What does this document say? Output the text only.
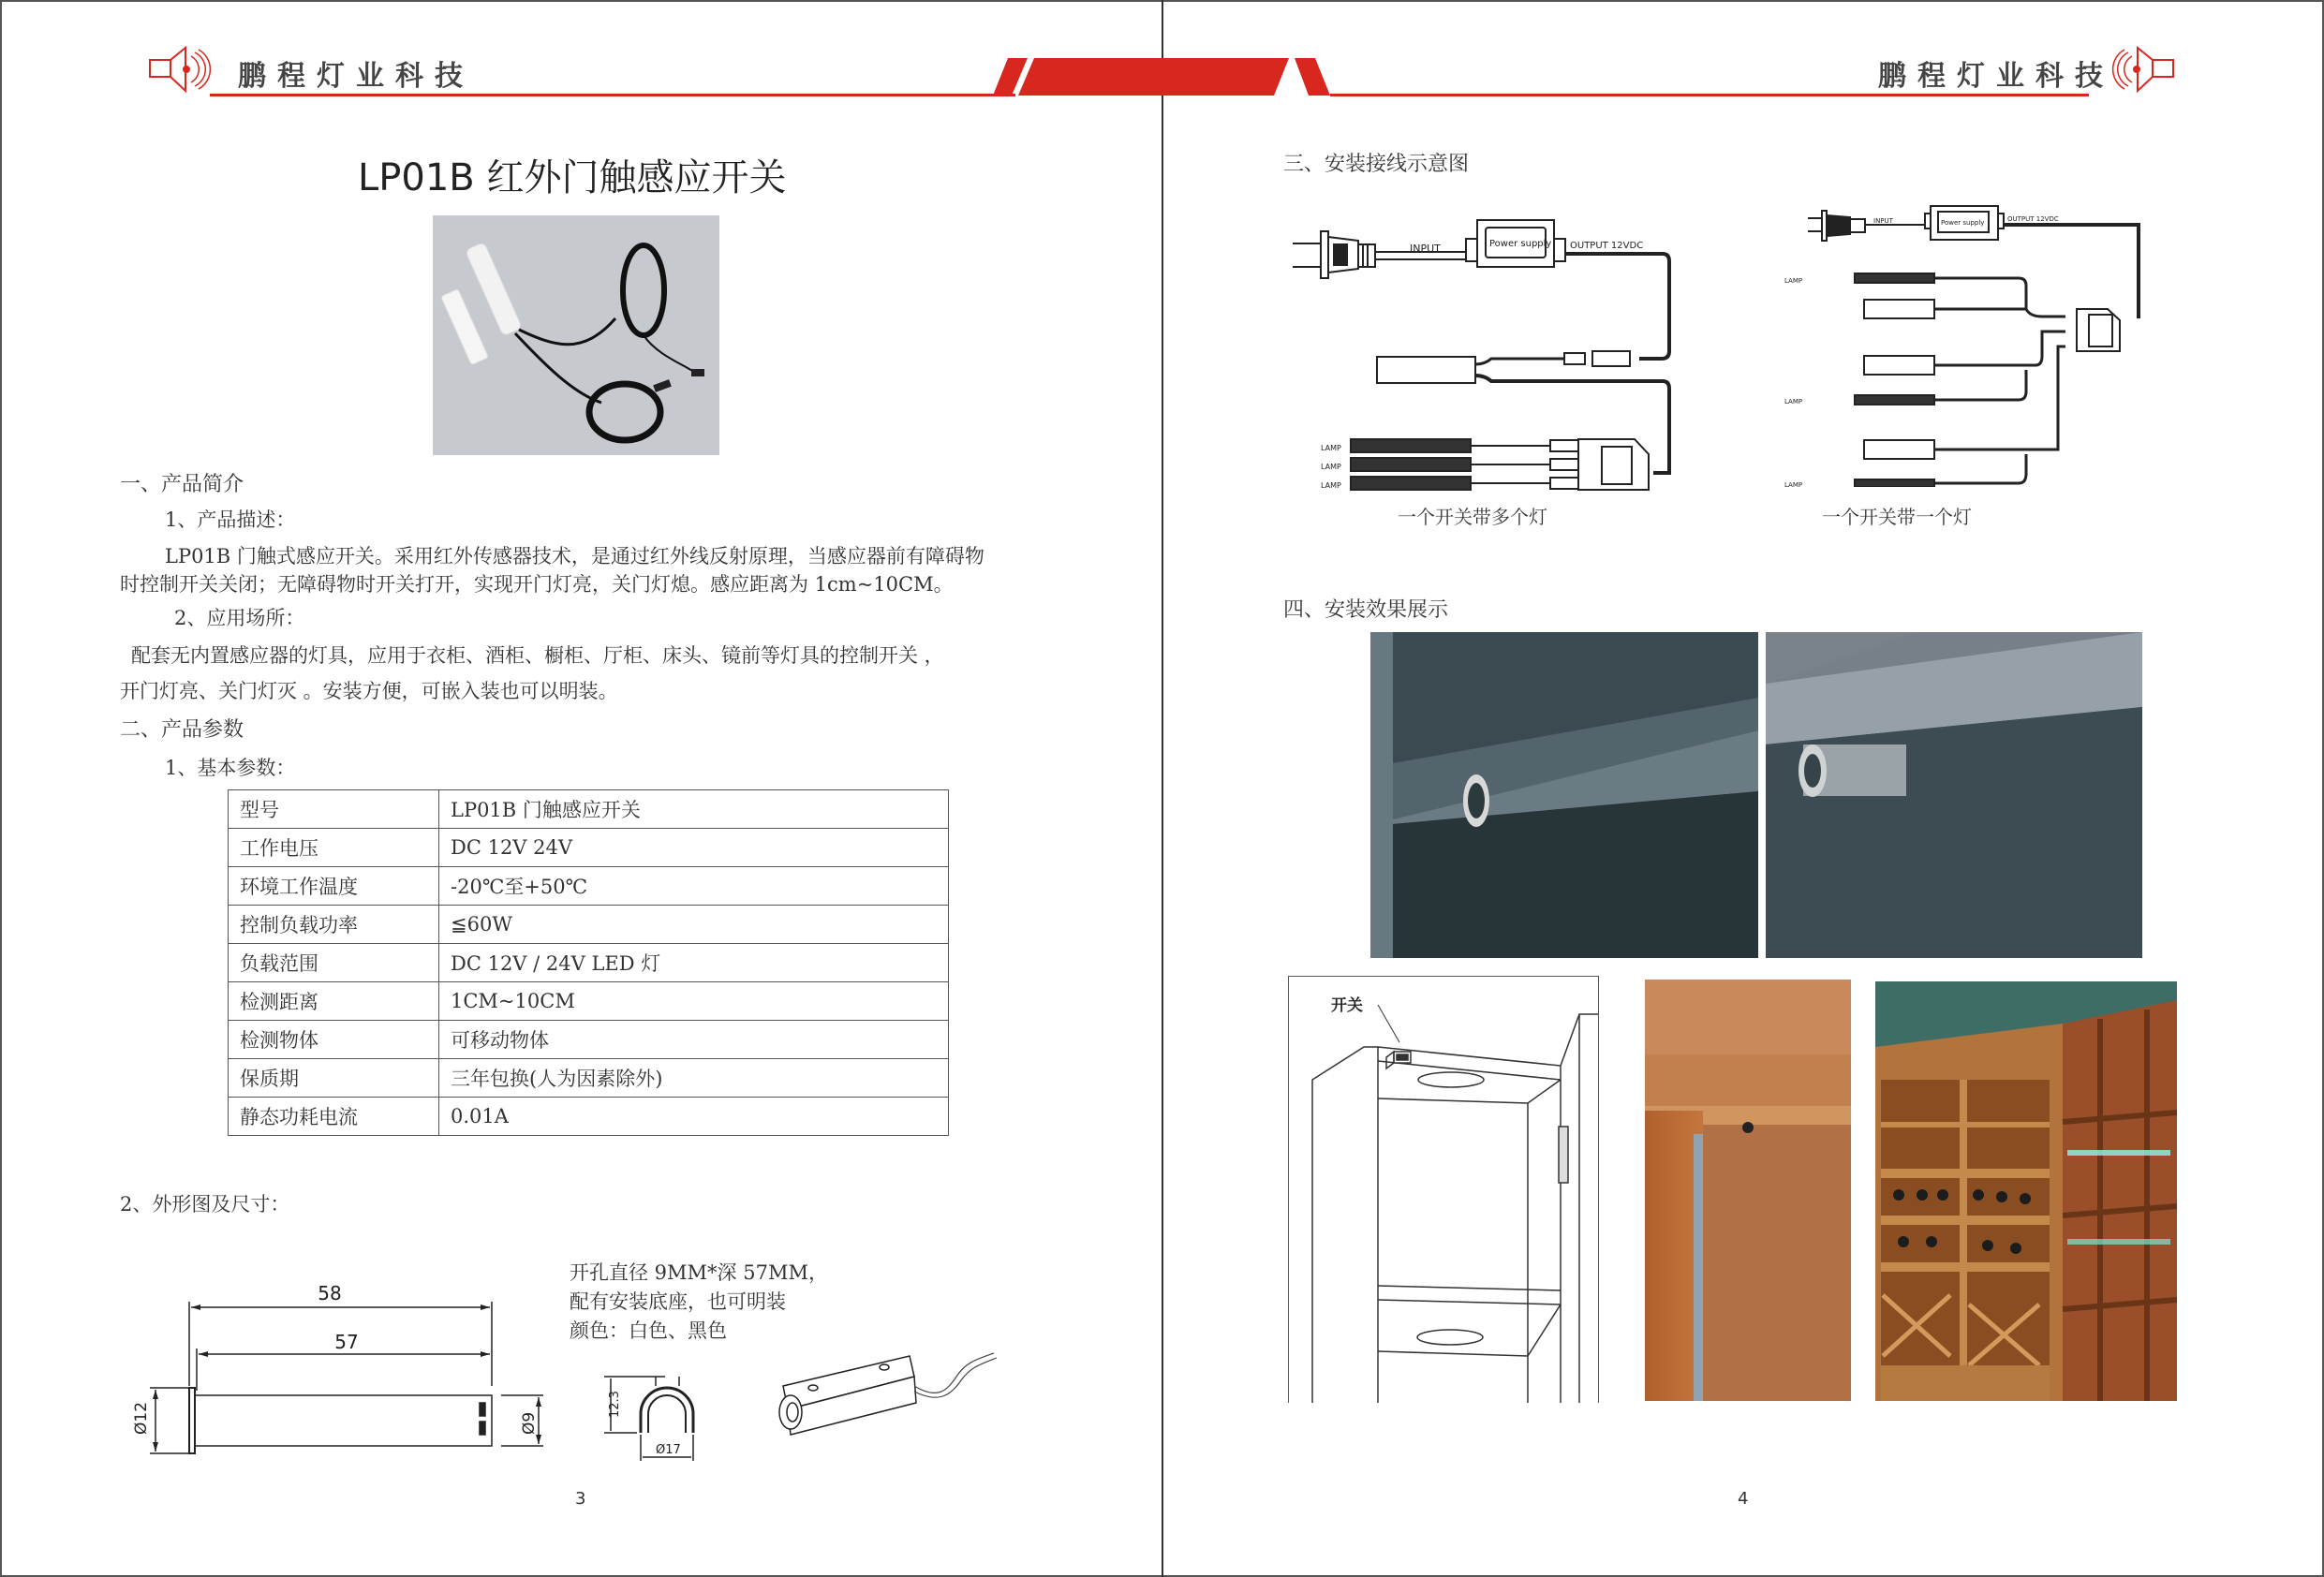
鹏程灯业科技	鹏程灯业科技
LP01B 红外门触感应开关
一、产品简介
1、产品描述：
LP01B 门触式感应开关。采用红外传感器技术，是通过红外线反射原理，当感应器前有障碍物
时控制开关关闭；无障碍物时开关打开，实现开门灯亮，关门灯熄。感应距离为 1cm~10CM。
2、应用场所：
配套无内置感应器的灯具，应用于衣柜、酒柜、橱柜、厅柜、床头、镜前等灯具的控制开关 ，
开门灯亮、关门灯灭 。安装方便，可嵌入装也可以明装。
二、产品参数
1、基本参数：
型号	LP01B 门触感应开关
工作电压	DC 12V 24V
环境工作温度	-20℃至+50℃
控制负载功率	≦60W
负载范围	DC 12V / 24V LED 灯
检测距离	1CM~10CM
检测物体	可移动物体
保质期	三年包换(人为因素除外)
静态功耗电流	0.01A
2、外形图及尺寸：
58
57
Ø12	Ø9
开孔直径 9MM*深 57MM，
配有安装底座，也可明装
颜色：白色、黑色
12.3
Ø17
3
三、安装接线示意图
INPUT	Power supply OUTPUT 12VDC
LAMP
LAMP
LAMP
一个开关带多个灯
LAMP
LAMP
LAMP
INPUT	Power supply	OUTPUT 12VDC
一个开关带一个灯
四、安装效果展示
开关
4
